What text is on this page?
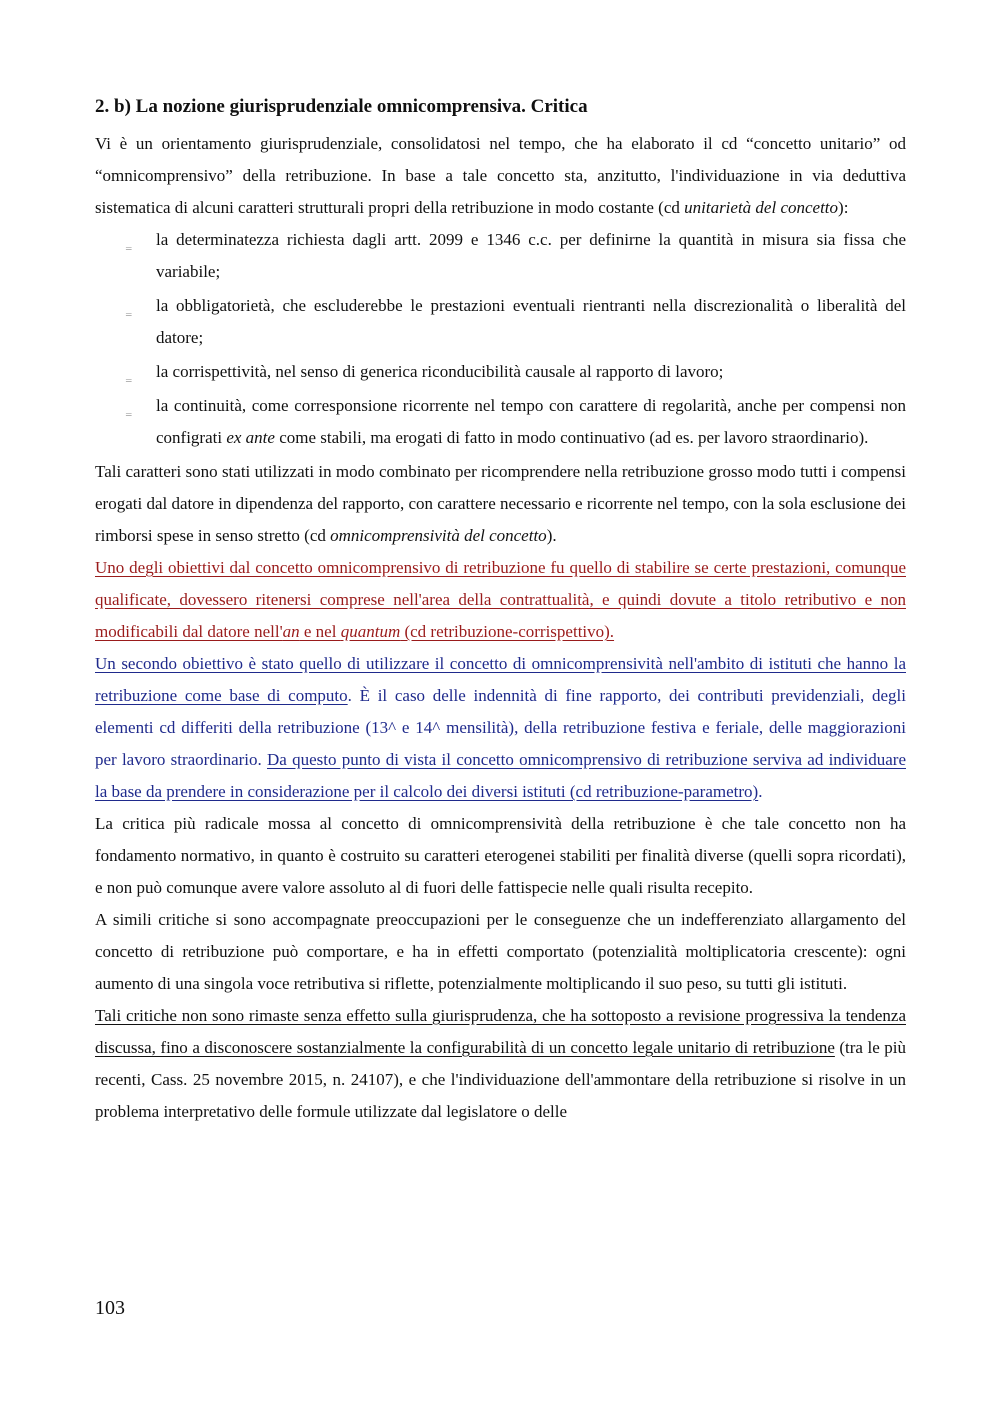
2. b) La nozione giurisprudenziale omnicomprensiva. Critica

Vi è un orientamento giurisprudenziale, consolidatosi nel tempo, che ha elaborato il cd “concetto unitario” od “omnicomprensivo” della retribuzione. In base a tale concetto sta, anzitutto, l'individuazione in via deduttiva sistematica di alcuni caratteri strutturali propri della retribuzione in modo costante (cd unitarietà del concetto):

‗ la determinatezza richiesta dagli artt. 2099 e 1346 c.c. per definirne la quantità in misura sia fissa che variabile;
‗ la obbligatorietà, che escluderebbe le prestazioni eventuali rientranti nella discrezionalità o liberalità del datore;
‗ la corrispettività, nel senso di generica riconducibilità causale al rapporto di lavoro;
‗ la continuità, come corresponsione ricorrente nel tempo con carattere di regolarità, anche per compensi non configrati ex ante come stabili, ma erogati di fatto in modo continuativo (ad es. per lavoro straordinario).

Tali caratteri sono stati utilizzati in modo combinato per ricomprendere nella retribuzione grosso modo tutti i compensi erogati dal datore in dipendenza del rapporto, con carattere necessario e ricorrente nel tempo, con la sola esclusione dei rimborsi spese in senso stretto (cd omnicomprensività del concetto).

Uno degli obiettivi dal concetto omnicomprensivo di retribuzione fu quello di stabilire se certe prestazioni, comunque qualificate, dovessero ritenersi comprese nell'area della contrattualità, e quindi dovute a titolo retributivo e non modificabili dal datore nell'an e nel quantum (cd retribuzione-corrispettivo).

Un secondo obiettivo è stato quello di utilizzare il concetto di omnicomprensività nell'ambito di istituti che hanno la retribuzione come base di computo. È il caso delle indennità di fine rapporto, dei contributi previdenziali, degli elementi cd differiti della retribuzione (13^ e 14^ mensilità), della retribuzione festiva e feriale, delle maggiorazioni per lavoro straordinario. Da questo punto di vista il concetto omnicomprensivo di retribuzione serviva ad individuare la base da prendere in considerazione per il calcolo dei diversi istituti (cd retribuzione-parametro).

La critica più radicale mossa al concetto di omnicomprensività della retribuzione è che tale concetto non ha fondamento normativo, in quanto è costruito su caratteri eterogenei stabiliti per finalità diverse (quelli sopra ricordati), e non può comunque avere valore assoluto al di fuori delle fattispecie nelle quali risulta recepito.

A simili critiche si sono accompagnate preoccupazioni per le conseguenze che un indefferenziato allargamento del concetto di retribuzione può comportare, e ha in effetti comportato (potenzialità moltiplicatoria crescente): ogni aumento di una singola voce retributiva si riflette, potenzialmente moltiplicando il suo peso, su tutti gli istituti.

Tali critiche non sono rimaste senza effetto sulla giurisprudenza, che ha sottoposto a revisione progressiva la tendenza discussa, fino a disconoscere sostanzialmente la configurabilità di un concetto legale unitario di retribuzione (tra le più recenti, Cass. 25 novembre 2015, n. 24107), e che l'individuazione dell'ammontare della retribuzione si risolve in un problema interpretativo delle formule utilizzate dal legislatore o delle

103
